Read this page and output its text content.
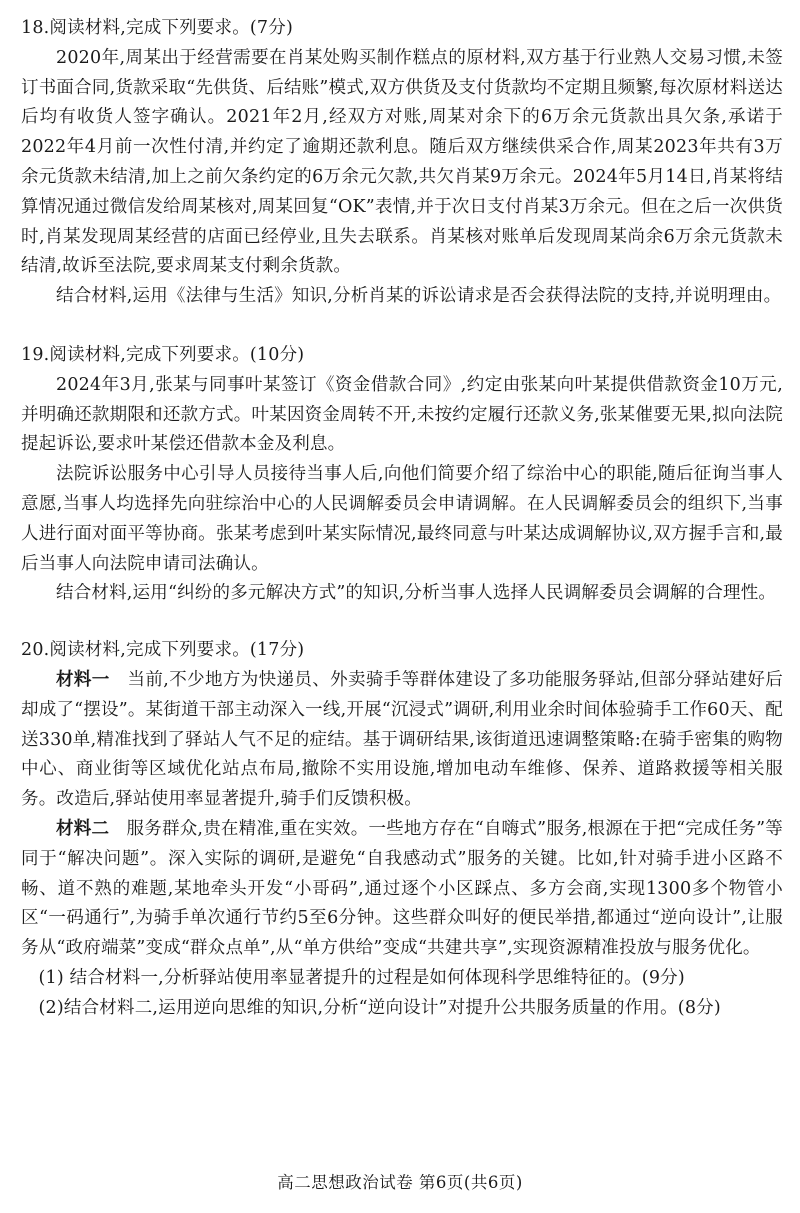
18.阅读材料,完成下列要求。(7分)

2020年,周某出于经营需要在肖某处购买制作糕点的原材料,双方基于行业熟人交易习惯,未签订书面合同,货款采取“先供货、后结账”模式,双方供货及支付货款均不定期且频繁,每次原材料送达后均有收货人签字确认。2021年2月,经双方对账,周某对余下的6万余元货款出具欠条,承诺于2022年4月前一次性付清,并约定了逾期还款利息。随后双方继续供采合作,周某2023年共有3万余元货款未结清,加上之前欠条约定的6万余元欠款,共欠肖某9万余元。2024年5月14日,肖某将结算情况通过微信发给周某核对,周某回复“OK”表情,并于次日支付肖某3万余元。但在之后一次供货时,肖某发现周某经营的店面已经停业,且失去联系。肖某核对账单后发现周某尚余6万余元货款未结清,故诉至法院,要求周某支付剩余货款。

结合材料,运用《法律与生活》知识,分析肖某的诉讼请求是否会获得法院的支持,并说明理由。

19.阅读材料,完成下列要求。(10分)

2024年3月,张某与同事叶某签订《资金借款合同》,约定由张某向叶某提供借款资金10万元,并明确还款期限和还款方式。叶某因资金周转不开,未按约定履行还款义务,张某催要无果,拟向法院提起诉讼,要求叶某偿还借款本金及利息。

法院诉讼服务中心引导人员接待当事人后,向他们简要介绍了综治中心的职能,随后征询当事人意愿,当事人均选择先向驻综治中心的人民调解委员会申请调解。在人民调解委员会的组织下,当事人进行面对面平等协商。张某考虑到叶某实际情况,最终同意与叶某达成调解协议,双方握手言和,最后当事人向法院申请司法确认。

结合材料,运用“纠纷的多元解决方式”的知识,分析当事人选择人民调解委员会调解的合理性。

20.阅读材料,完成下列要求。(17分)

材料一 当前,不少地方为快递员、外卖骑手等群体建设了多功能服务驿站,但部分驿站建好后却成了“摆设”。某街道干部主动深入一线,开展“沉浸式”调研,利用业余时间体验骑手工作60天、配送330单,精准找到了驿站人气不足的症结。基于调研结果,该街道迅速调整策略:在骑手密集的购物中心、商业街等区域优化站点布局,撤除不实用设施,增加电动车维修、保养、道路救援等相关服务。改造后,驿站使用率显著提升,骑手们反馈积极。

材料二 服务群众,贵在精准,重在实效。一些地方存在“自嗨式”服务,根源在于把“完成任务”等同于“解决问题”。深入实际的调研,是避免“自我感动式”服务的关键。比如,针对骑手进小区路不畅、道不熟的难题,某地牵头开发“小哥码”,通过逐个小区踩点、多方会商,实现1300多个物管小区“一码通行”,为骑手单次通行节约5至6分钟。这些群众叫好的便民举措,都通过“逆向设计”,让服务从“政府端菜”变成“群众点单”,从“单方供给”变成“共建共享”,实现资源精准投放与服务优化。

(1) 结合材料一,分析驿站使用率显著提升的过程是如何体现科学思维特征的。(9分)

(2)结合材料二,运用逆向思维的知识,分析“逆向设计”对提升公共服务质量的作用。(8分)

高二思想政治试卷 第6页(共6页)
